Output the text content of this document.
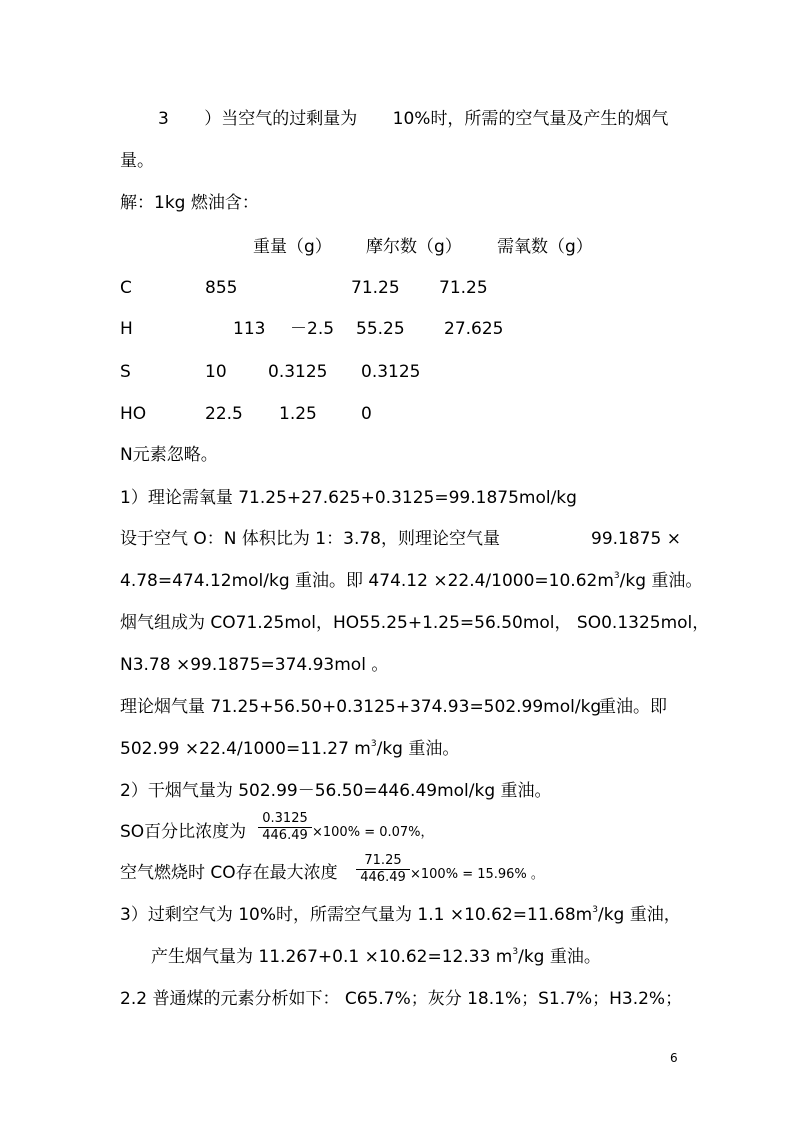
3 ）当空气的过剩量为 10%时，所需的空气量及产生的烟气
量。
解：1kg 燃油含：
重量（g） 摩尔数（g） 需氧数（g）
C	855	71.25 71.25
H	113 －2.5 55.25 27.625
S	10 0.3125 0.3125
HO	22.5 1.25	0
N元素忽略。
1）理论需氧量 71.25+27.625+0.3125=99.1875mol/kg
设于空气 O：N 体积比为 1：3.78，则理论空气量	99.1875 ×
4.78=474.12mol/kg 重油。即 $474.12 \times 22.4/1000=10.62m^3/kg$ 重油。
烟气组成为 CO71.25mol，HO55.25+1.25=56.50mol， SO0.1325mol，
N3.78 ×99.1875=374.93mol 。
理论烟气量 71.25+56.50+0.3125+374.93=502.99mol/kg
重油。即
502.99 ×22.4/1000=11.27 $m^3/kg$ 重油。
2）干烟气量为 502.99－56.50=446.49mol/kg 重油。
SO百分比浓度为 $\frac{0.3125}{446.49} \times 100\% = 0.07\%$，
空气燃烧时 CO存在最大浓度 $\frac{71.25}{446.49} \times 100\% = 15.96\%$ 。
3）过剩空气为 10%时，所需空气量为 $1.1 \times 10.62=11.68m^3/kg$ 重油，
产生烟气量为 11.267+0.1 ×10.62=12.33 $m^3/kg$ 重油。
2.2 普通煤的元素分析如下： C65.7%；灰分 18.1%；S1.7%；H3.2%；
6
